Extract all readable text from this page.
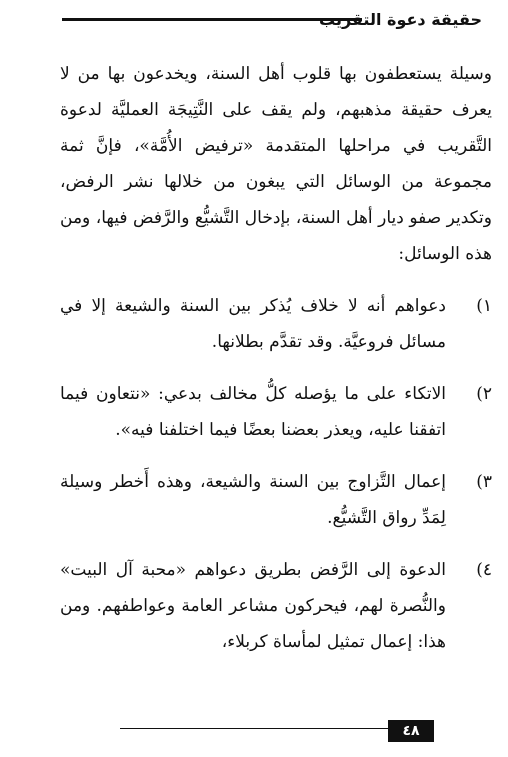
حقيقة دعوة التقريب

وسيلة يستعطفون بها قلوب أهل السنة، ويخدعون بها من لا يعرف حقيقة مذهبهم، ولم يقف على النَّتِيجَة العمليَّة لدعوة التَّقريب في مراحلها المتقدمة «ترفيض الأُمَّة»، فإنَّ ثمة مجموعة من الوسائل التي يبغون من خلالها نشر الرفض، وتكدير صفو ديار أهل السنة، بإدخال التَّشيُّع والرَّفض فيها، ومن هذه الوسائل:

١)
دعواهم أنه لا خلاف يُذكر بين السنة والشيعة إلا في مسائل فروعيَّة. وقد تقدَّم بطلانها.
٢)
الاتكاء على ما يؤصله كلُّ مخالف بدعي: «نتعاون فيما اتفقنا عليه، ويعذر بعضنا بعضًا فيما اختلفنا فيه».
٣)
إعمال التَّزاوج بين السنة والشيعة، وهذه أَخطر وسيلة لِمَدِّ رواق التَّشيُّع.
٤)
الدعوة إلى الرَّفض بطريق دعواهم «محبة آل البيت» والنُّصرة لهم، فيحركون مشاعر العامة وعواطفهم. ومن هذا: إعمال تمثيل لمأساة كربلاء،
٤٨
